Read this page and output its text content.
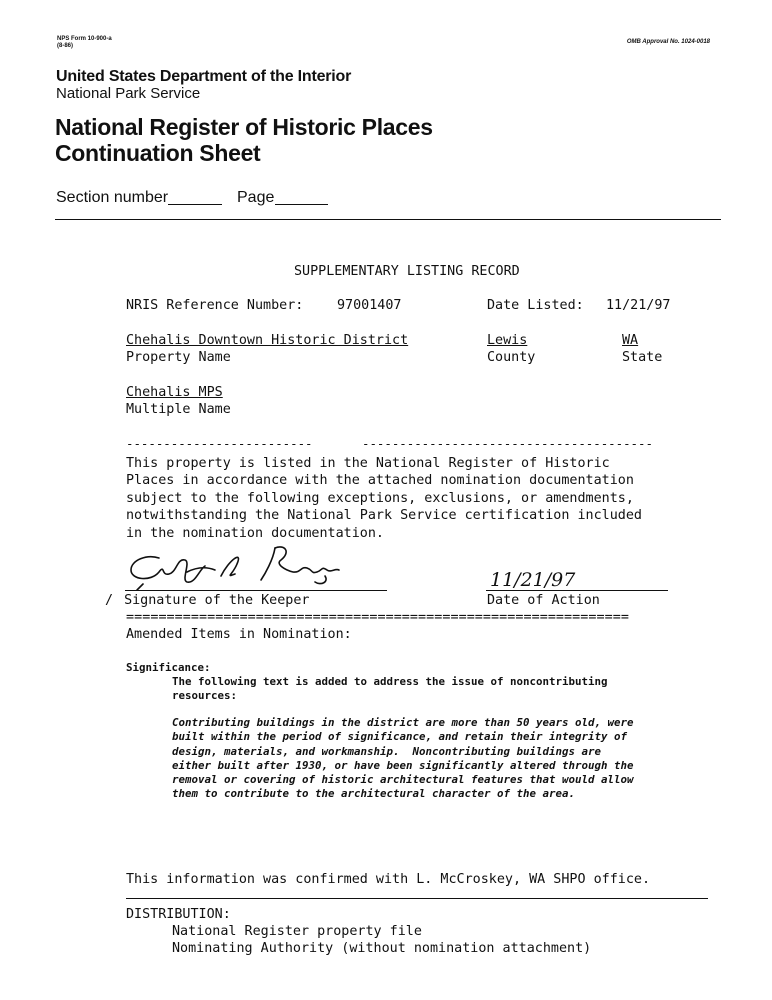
NPS Form 10-900-a
(8-86)
OMB Approval No. 1024-0018
United States Department of the Interior
National Park Service
National Register of Historic Places
Continuation Sheet
Section number	Page
SUPPLEMENTARY LISTING RECORD
NRIS Reference Number:	97001407	Date Listed: 11/21/97
Chehalis Downtown Historic District	Lewis	WA
Property Name	County	State
Chehalis MPS
Multiple Name
-------------------------	---------------------------------------
This property is listed in the National Register of Historic
Places in accordance with the attached nomination documentation
subject to the following exceptions, exclusions, or amendments,
notwithstanding the National Park Service certification included
in the nomination documentation.
/ Signature of the Keeper
11/21/97
Date of Action
==============================================================
Amended Items in Nomination:
Significance:
The following text is added to address the issue of noncontributing
resources:
Contributing buildings in the district are more than 50 years old, were
built within the period of significance, and retain their integrity of
design, materials, and workmanship.  Noncontributing buildings are
either built after 1930, or have been significantly altered through the
removal or covering of historic architectural features that would allow
them to contribute to the architectural character of the area.
This information was confirmed with L. McCroskey, WA SHPO office.
DISTRIBUTION:
National Register property file
Nominating Authority (without nomination attachment)
